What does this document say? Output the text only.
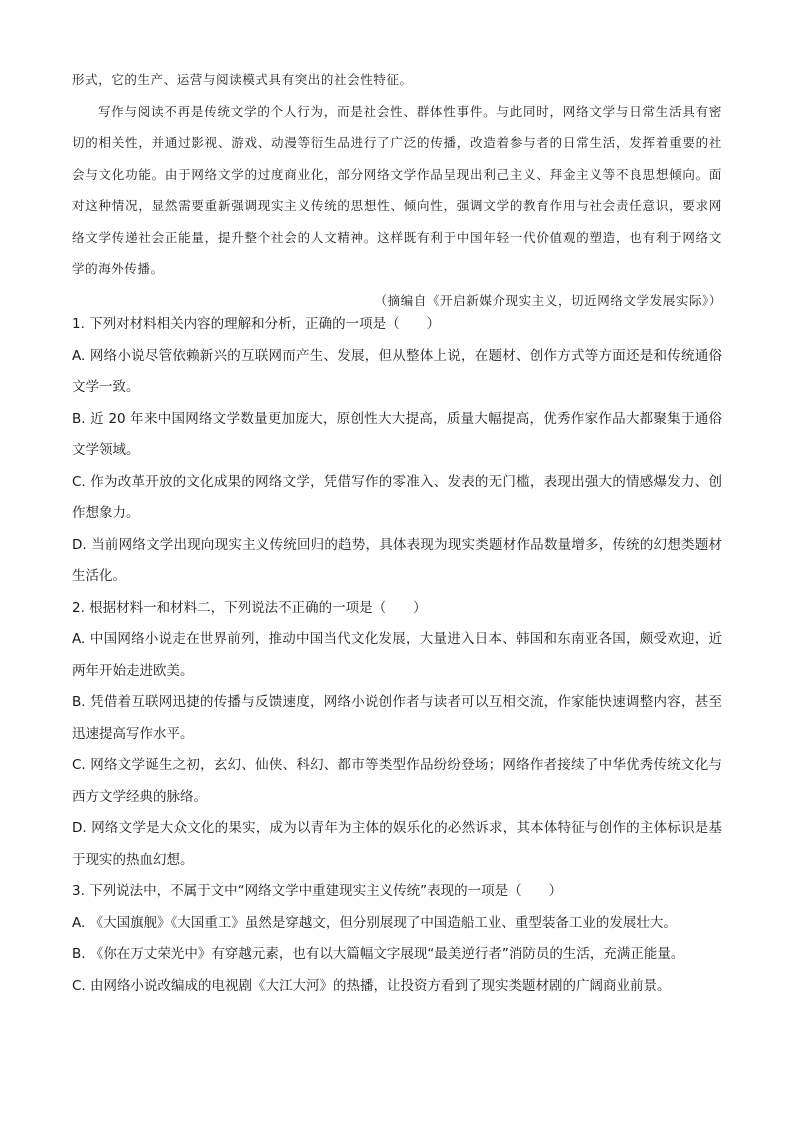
形式，它的生产、运营与阅读模式具有突出的社会性特征。

写作与阅读不再是传统文学的个人行为，而是社会性、群体性事件。与此同时，网络文学与日常生活具有密切的相关性，并通过影视、游戏、动漫等衍生品进行了广泛的传播，改造着参与者的日常生活，发挥着重要的社会与文化功能。由于网络文学的过度商业化，部分网络文学作品呈现出利己主义、拜金主义等不良思想倾向。面对这种情况，显然需要重新强调现实主义传统的思想性、倾向性，强调文学的教育作用与社会责任意识，要求网络文学传递社会正能量，提升整个社会的人文精神。这样既有利于中国年轻一代价值观的塑造，也有利于网络文学的海外传播。

（摘编自《开启新媒介现实主义，切近网络文学发展实际》）

1. 下列对材料相关内容的理解和分析，正确的一项是（　　）

A. 网络小说尽管依赖新兴的互联网而产生、发展，但从整体上说，在题材、创作方式等方面还是和传统通俗文学一致。

B. 近 20 年来中国网络文学数量更加庞大，原创性大大提高，质量大幅提高，优秀作家作品大都聚集于通俗文学领域。

C. 作为改革开放的文化成果的网络文学，凭借写作的零准入、发表的无门槛，表现出强大的情感爆发力、创作想象力。

D. 当前网络文学出现向现实主义传统回归的趋势，具体表现为现实类题材作品数量增多，传统的幻想类题材生活化。

2. 根据材料一和材料二，下列说法不正确的一项是（　　）

A. 中国网络小说走在世界前列，推动中国当代文化发展，大量进入日本、韩国和东南亚各国，颇受欢迎，近两年开始走进欧美。

B. 凭借着互联网迅捷的传播与反馈速度，网络小说创作者与读者可以互相交流，作家能快速调整内容，甚至迅速提高写作水平。

C. 网络文学诞生之初，玄幻、仙侠、科幻、都市等类型作品纷纷登场；网络作者接续了中华优秀传统文化与西方文学经典的脉络。

D. 网络文学是大众文化的果实，成为以青年为主体的娱乐化的必然诉求，其本体特征与创作的主体标识是基于现实的热血幻想。

3. 下列说法中，不属于文中“网络文学中重建现实主义传统”表现的一项是（　　）

A. 《大国旗舰》《大国重工》虽然是穿越文，但分别展现了中国造船工业、重型装备工业的发展壮大。

B. 《你在万丈荣光中》有穿越元素，也有以大篇幅文字展现“最美逆行者”消防员的生活，充满正能量。

C. 由网络小说改编成的电视剧《大江大河》的热播，让投资方看到了现实类题材剧的广阔商业前景。
